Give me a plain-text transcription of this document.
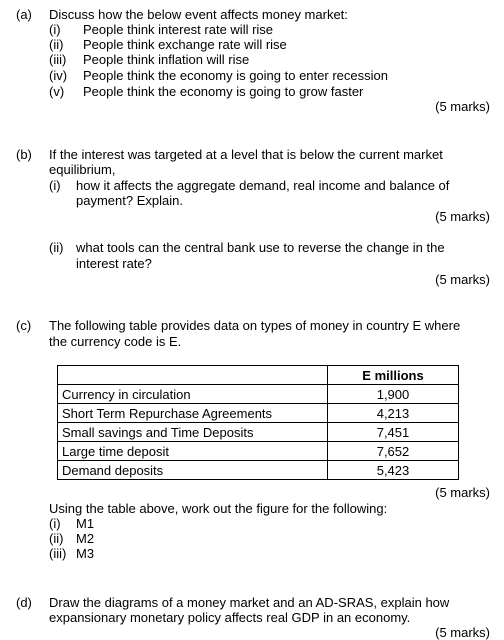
(a) Discuss how the below event affects money market:
(i) People think interest rate will rise
(ii) People think exchange rate will rise
(iii) People think inflation will rise
(iv) People think the economy is going to enter recession
(v) People think the economy is going to grow faster
(5 marks)
(b) If the interest was targeted at a level that is below the current market
equilibrium,
(i) how it affects the aggregate demand, real income and balance of
payment? Explain.
(5 marks)
(ii) what tools can the central bank use to reverse the change in the
interest rate?
(5 marks)
(c) The following table provides data on types of money in country E where
the currency code is E.
	E millions
Currency in circulation	1,900
Short Term Repurchase Agreements	4,213
Small savings and Time Deposits	7,451
Large time deposit	7,652
Demand deposits	5,423
(5 marks)
Using the table above, work out the figure for the following:
(i) M1
(ii) M2
(iii) M3
(d) Draw the diagrams of a money market and an AD-SRAS, explain how
expansionary monetary policy affects real GDP in an economy.
(5 marks)
